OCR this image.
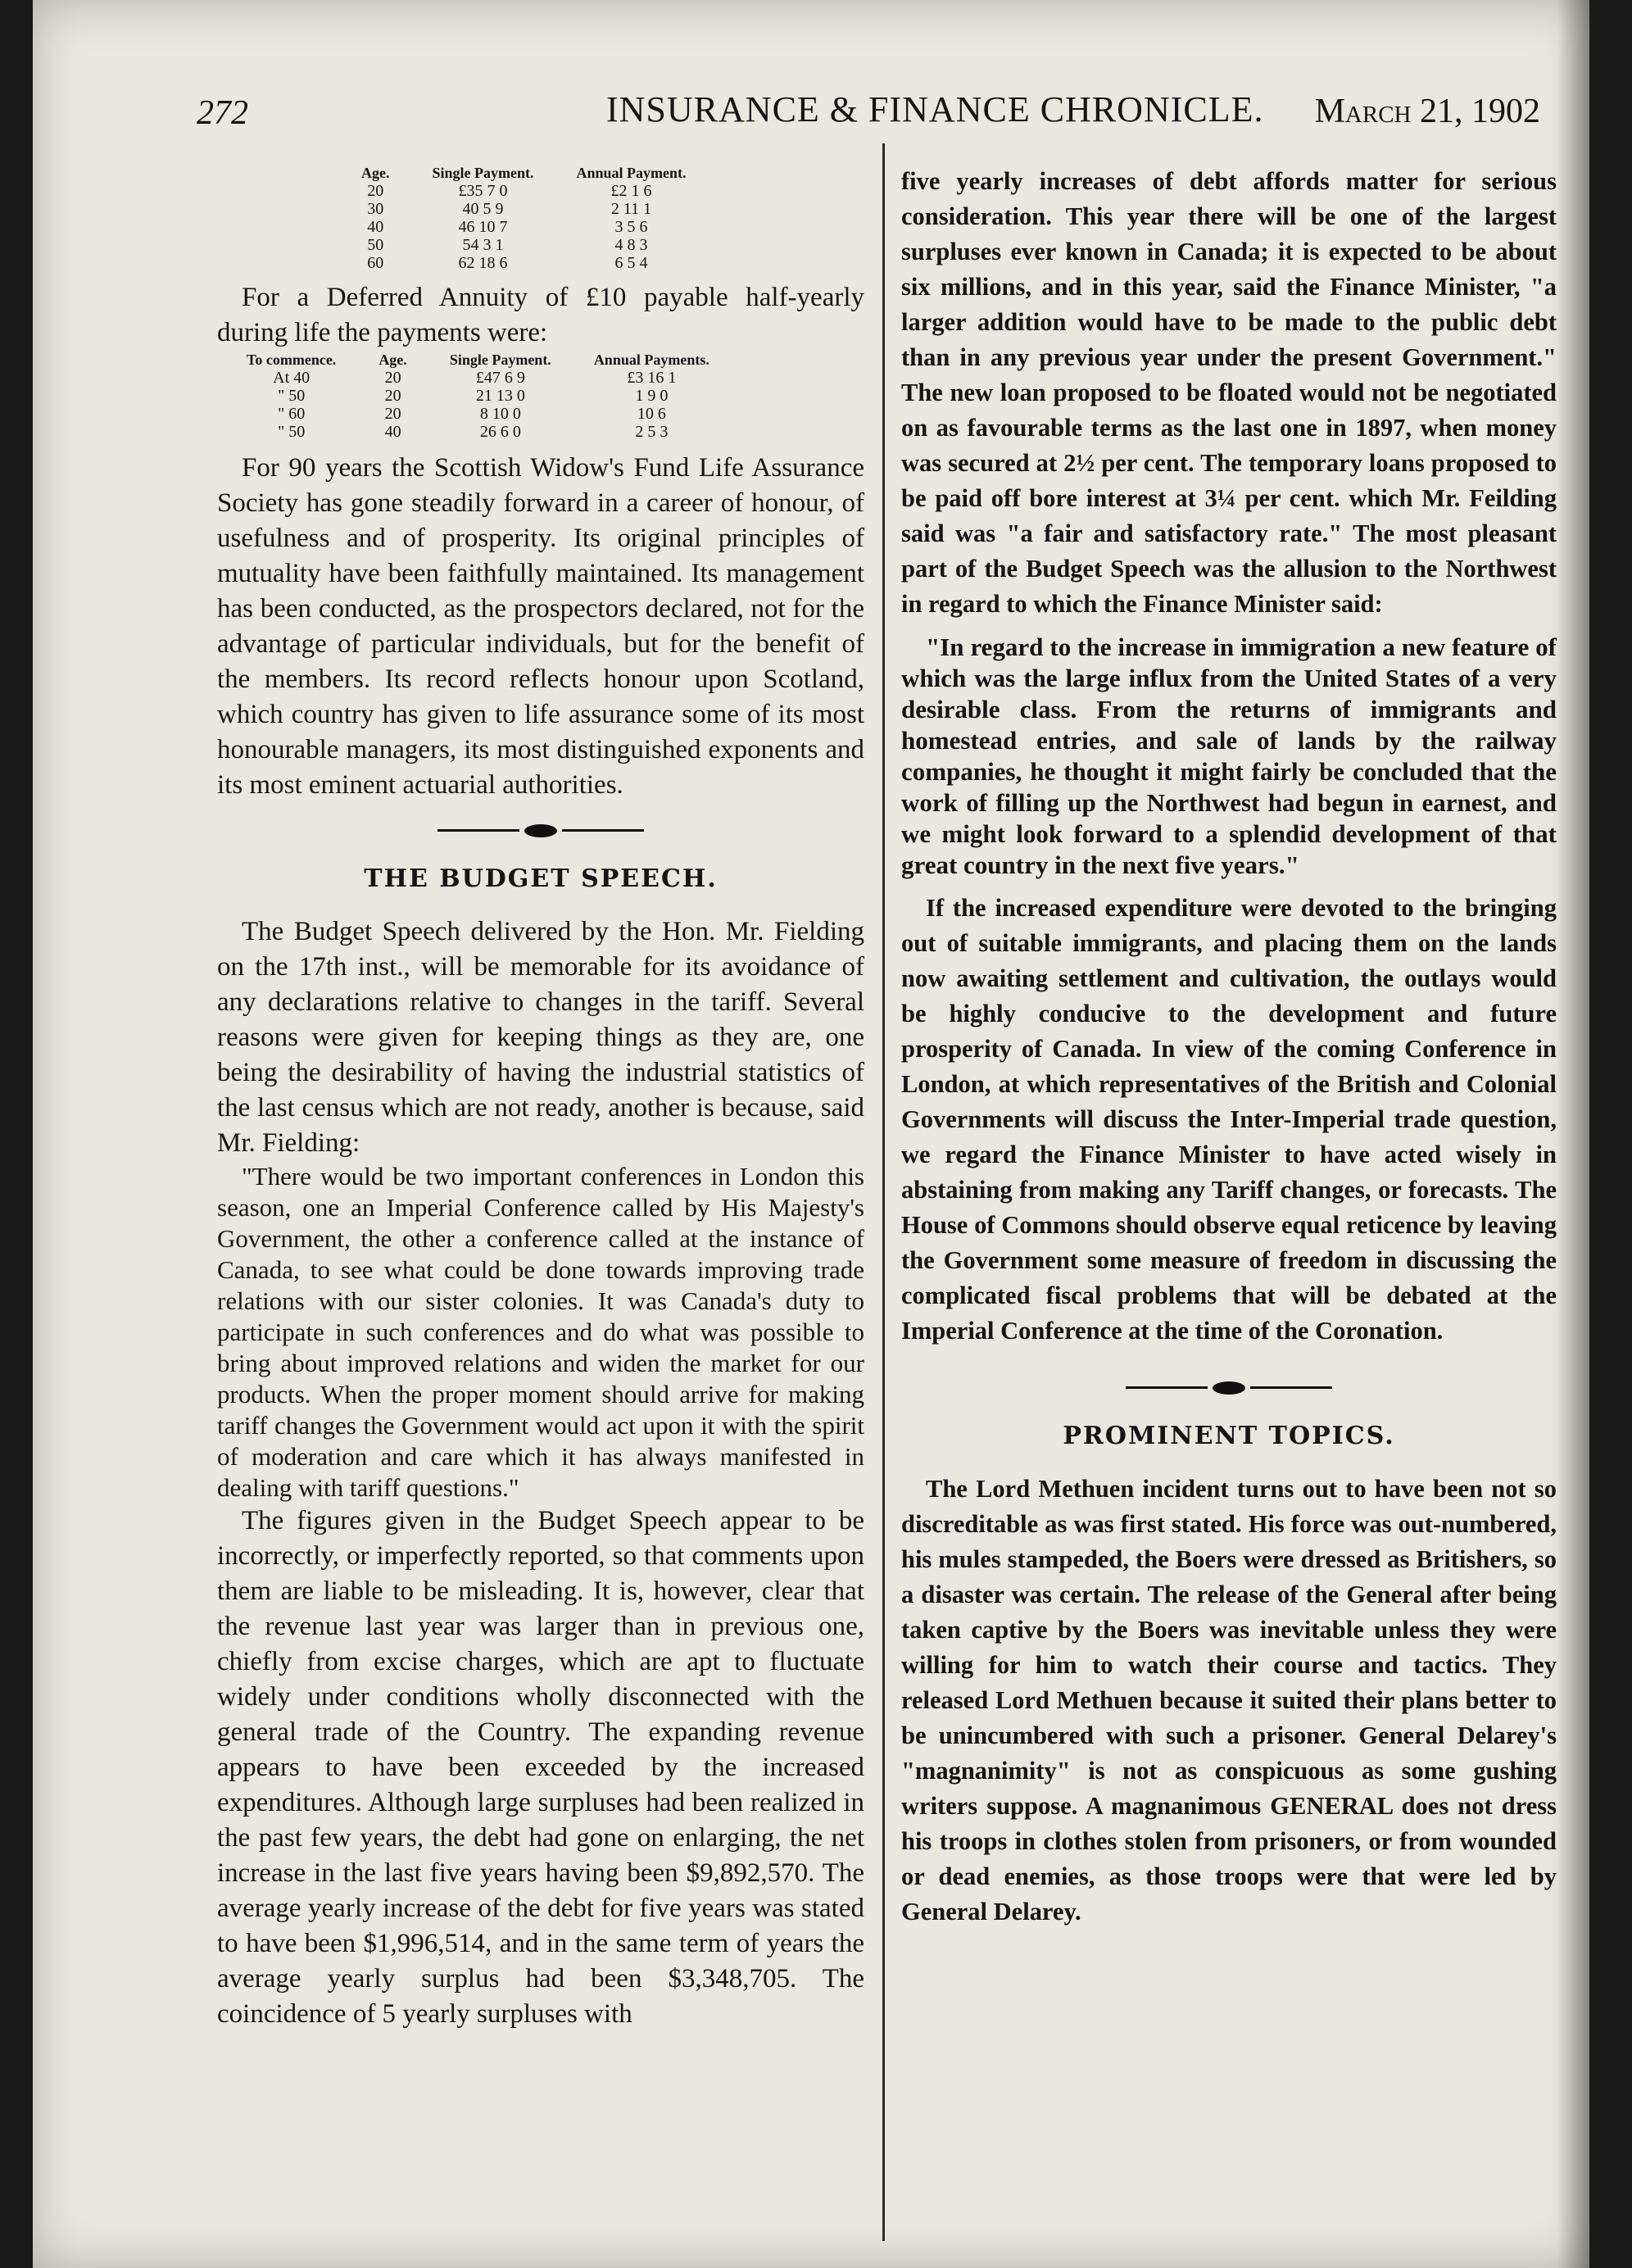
272	INSURANCE & FINANCE CHRONICLE. March 21, 1902
Age.	Single Payment.	Annual Payment.
20	£35 7 0	£2 1 6
30	40 5 9	2 11 1
40	46 10 7	3 5 6
50	54 3 1	4 8 3
60	62 18 6	6 5 4

For a Deferred Annuity of £10 payable half-yearly during life the payments were:

To commence.	Age.	Single Payment.	Annual Payments.
At 40	20	£47 6 9	£3 16 1
" 50	20	21 13 0	1 9 0
" 60	20	8 10 0	10 6
" 50	40	26 6 0	2 5 3

For 90 years the Scottish Widow's Fund Life Assurance Society has gone steadily forward in a career of honour, of usefulness and of prosperity. Its original principles of mutuality have been faithfully maintained. Its management has been conducted, as the prospectors declared, not for the advantage of particular individuals, but for the benefit of the members. Its record reflects honour upon Scotland, which country has given to life assurance some of its most honourable managers, its most distinguished exponents and its most eminent actuarial authorities.

THE BUDGET SPEECH.

The Budget Speech delivered by the Hon. Mr. Fielding on the 17th inst., will be memorable for its avoidance of any declarations relative to changes in the tariff. Several reasons were given for keeping things as they are, one being the desirability of having the industrial statistics of the last census which are not ready, another is because, said Mr. Fielding:

"There would be two important conferences in London this season, one an Imperial Conference called by His Majesty's Government, the other a conference called at the instance of Canada, to see what could be done towards improving trade relations with our sister colonies. It was Canada's duty to participate in such conferences and do what was possible to bring about improved relations and widen the market for our products. When the proper moment should arrive for making tariff changes the Government would act upon it with the spirit of moderation and care which it has always manifested in dealing with tariff questions."

The figures given in the Budget Speech appear to be incorrectly, or imperfectly reported, so that comments upon them are liable to be misleading. It is, however, clear that the revenue last year was larger than in previous one, chiefly from excise charges, which are apt to fluctuate widely under conditions wholly disconnected with the general trade of the Country. The expanding revenue appears to have been exceeded by the increased expenditures. Although large surpluses had been realized in the past few years, the debt had gone on enlarging, the net increase in the last five years having been $9,892,570. The average yearly increase of the debt for five years was stated to have been $1,996,514, and in the same term of years the average yearly surplus had been $3,348,705. The coincidence of 5 yearly surpluses with

five yearly increases of debt affords matter for serious consideration. This year there will be one of the largest surpluses ever known in Canada; it is expected to be about six millions, and in this year, said the Finance Minister, "a larger addition would have to be made to the public debt than in any previous year under the present Government." The new loan proposed to be floated would not be negotiated on as favourable terms as the last one in 1897, when money was secured at 2½ per cent. The temporary loans proposed to be paid off bore interest at 3¼ per cent. which Mr. Feilding said was "a fair and satisfactory rate." The most pleasant part of the Budget Speech was the allusion to the Northwest in regard to which the Finance Minister said:

"In regard to the increase in immigration a new feature of which was the large influx from the United States of a very desirable class. From the returns of immigrants and homestead entries, and sale of lands by the railway companies, he thought it might fairly be concluded that the work of filling up the Northwest had begun in earnest, and we might look forward to a splendid development of that great country in the next five years."

If the increased expenditure were devoted to the bringing out of suitable immigrants, and placing them on the lands now awaiting settlement and cultivation, the outlays would be highly conducive to the development and future prosperity of Canada. In view of the coming Conference in London, at which representatives of the British and Colonial Governments will discuss the Inter-Imperial trade question, we regard the Finance Minister to have acted wisely in abstaining from making any Tariff changes, or forecasts. The House of Commons should observe equal reticence by leaving the Government some measure of freedom in discussing the complicated fiscal problems that will be debated at the Imperial Conference at the time of the Coronation.

PROMINENT TOPICS.

The Lord Methuen incident turns out to have been not so discreditable as was first stated. His force was out-numbered, his mules stampeded, the Boers were dressed as Britishers, so a disaster was certain. The release of the General after being taken captive by the Boers was inevitable unless they were willing for him to watch their course and tactics. They released Lord Methuen because it suited their plans better to be unincumbered with such a prisoner. General Delarey's "magnanimity" is not as conspicuous as some gushing writers suppose. A magnanimous GENERAL does not dress his troops in clothes stolen from prisoners, or from wounded or dead enemies, as those troops were that were led by General Delarey.
